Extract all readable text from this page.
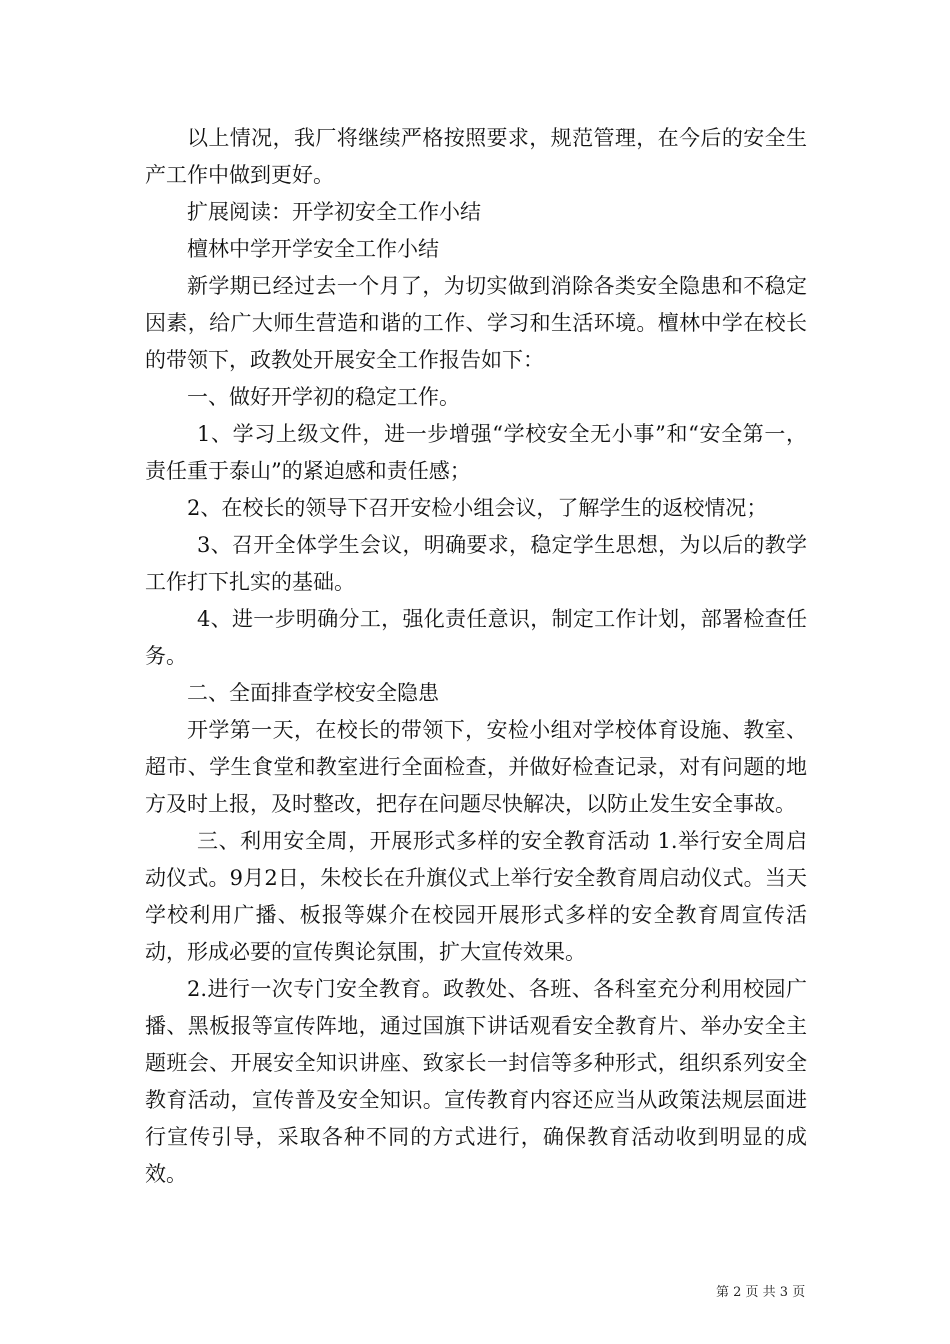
以上情况，我厂将继续严格按照要求，规范管理，在今后的安全生产工作中做到更好。

扩展阅读：开学初安全工作小结

檀林中学开学安全工作小结

新学期已经过去一个月了，为切实做到消除各类安全隐患和不稳定因素，给广大师生营造和谐的工作、学习和生活环境。檀林中学在校长的带领下，政教处开展安全工作报告如下：

一、做好开学初的稳定工作。

1、学习上级文件，进一步增强“学校安全无小事”和“安全第一，责任重于泰山”的紧迫感和责任感；

2、在校长的领导下召开安检小组会议，了解学生的返校情况；

3、召开全体学生会议，明确要求，稳定学生思想，为以后的教学工作打下扎实的基础。

4、进一步明确分工，强化责任意识，制定工作计划，部署检查任务。

二、全面排查学校安全隐患

开学第一天，在校长的带领下，安检小组对学校体育设施、教室、超市、学生食堂和教室进行全面检查，并做好检查记录，对有问题的地方及时上报，及时整改，把存在问题尽快解决，以防止发生安全事故。

三、利用安全周，开展形式多样的安全教育活动 1.举行安全周启动仪式。9月2日，朱校长在升旗仪式上举行安全教育周启动仪式。当天学校利用广播、板报等媒介在校园开展形式多样的安全教育周宣传活动，形成必要的宣传舆论氛围，扩大宣传效果。

2.进行一次专门安全教育。政教处、各班、各科室充分利用校园广播、黑板报等宣传阵地，通过国旗下讲话观看安全教育片、举办安全主题班会、开展安全知识讲座、致家长一封信等多种形式，组织系列安全教育活动，宣传普及安全知识。宣传教育内容还应当从政策法规层面进行宣传引导，采取各种不同的方式进行，确保教育活动收到明显的成效。

第 2 页 共 3 页
